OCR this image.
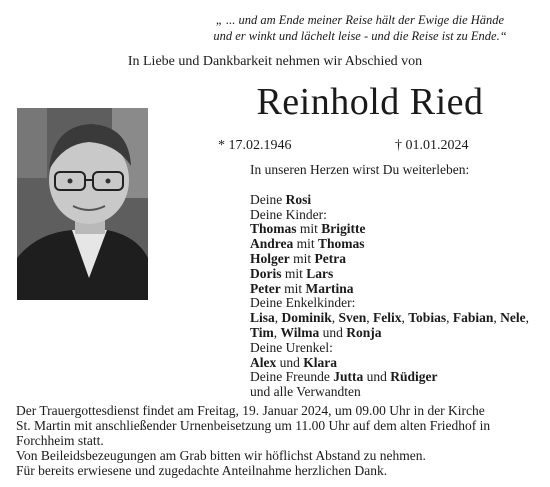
„ ... und am Ende meiner Reise hält der Ewige die Hände
und er winkt und lächelt leise - und die Reise ist zu Ende.“
In Liebe und Dankbarkeit nehmen wir Abschied von
Reinhold Ried
* 17.02.1946	† 01.01.2024
In unseren Herzen wirst Du weiterleben:
Deine Rosi
Deine Kinder:
Thomas mit Brigitte
Andrea mit Thomas
Holger mit Petra
Doris mit Lars
Peter mit Martina
Deine Enkelkinder:
Lisa, Dominik, Sven, Felix, Tobias, Fabian, Nele,
Tim, Wilma und Ronja
Deine Urenkel:
Alex und Klara
Deine Freunde Jutta und Rüdiger
und alle Verwandten
Der Trauergottesdienst findet am Freitag, 19. Januar 2024, um 09.00 Uhr in der Kirche
St. Martin mit anschließender Urnenbeisetzung um 11.00 Uhr auf dem alten Friedhof in
Forchheim statt.
Von Beileidsbezeugungen am Grab bitten wir höflichst Abstand zu nehmen.
Für bereits erwiesene und zugedachte Anteilnahme herzlichen Dank.
